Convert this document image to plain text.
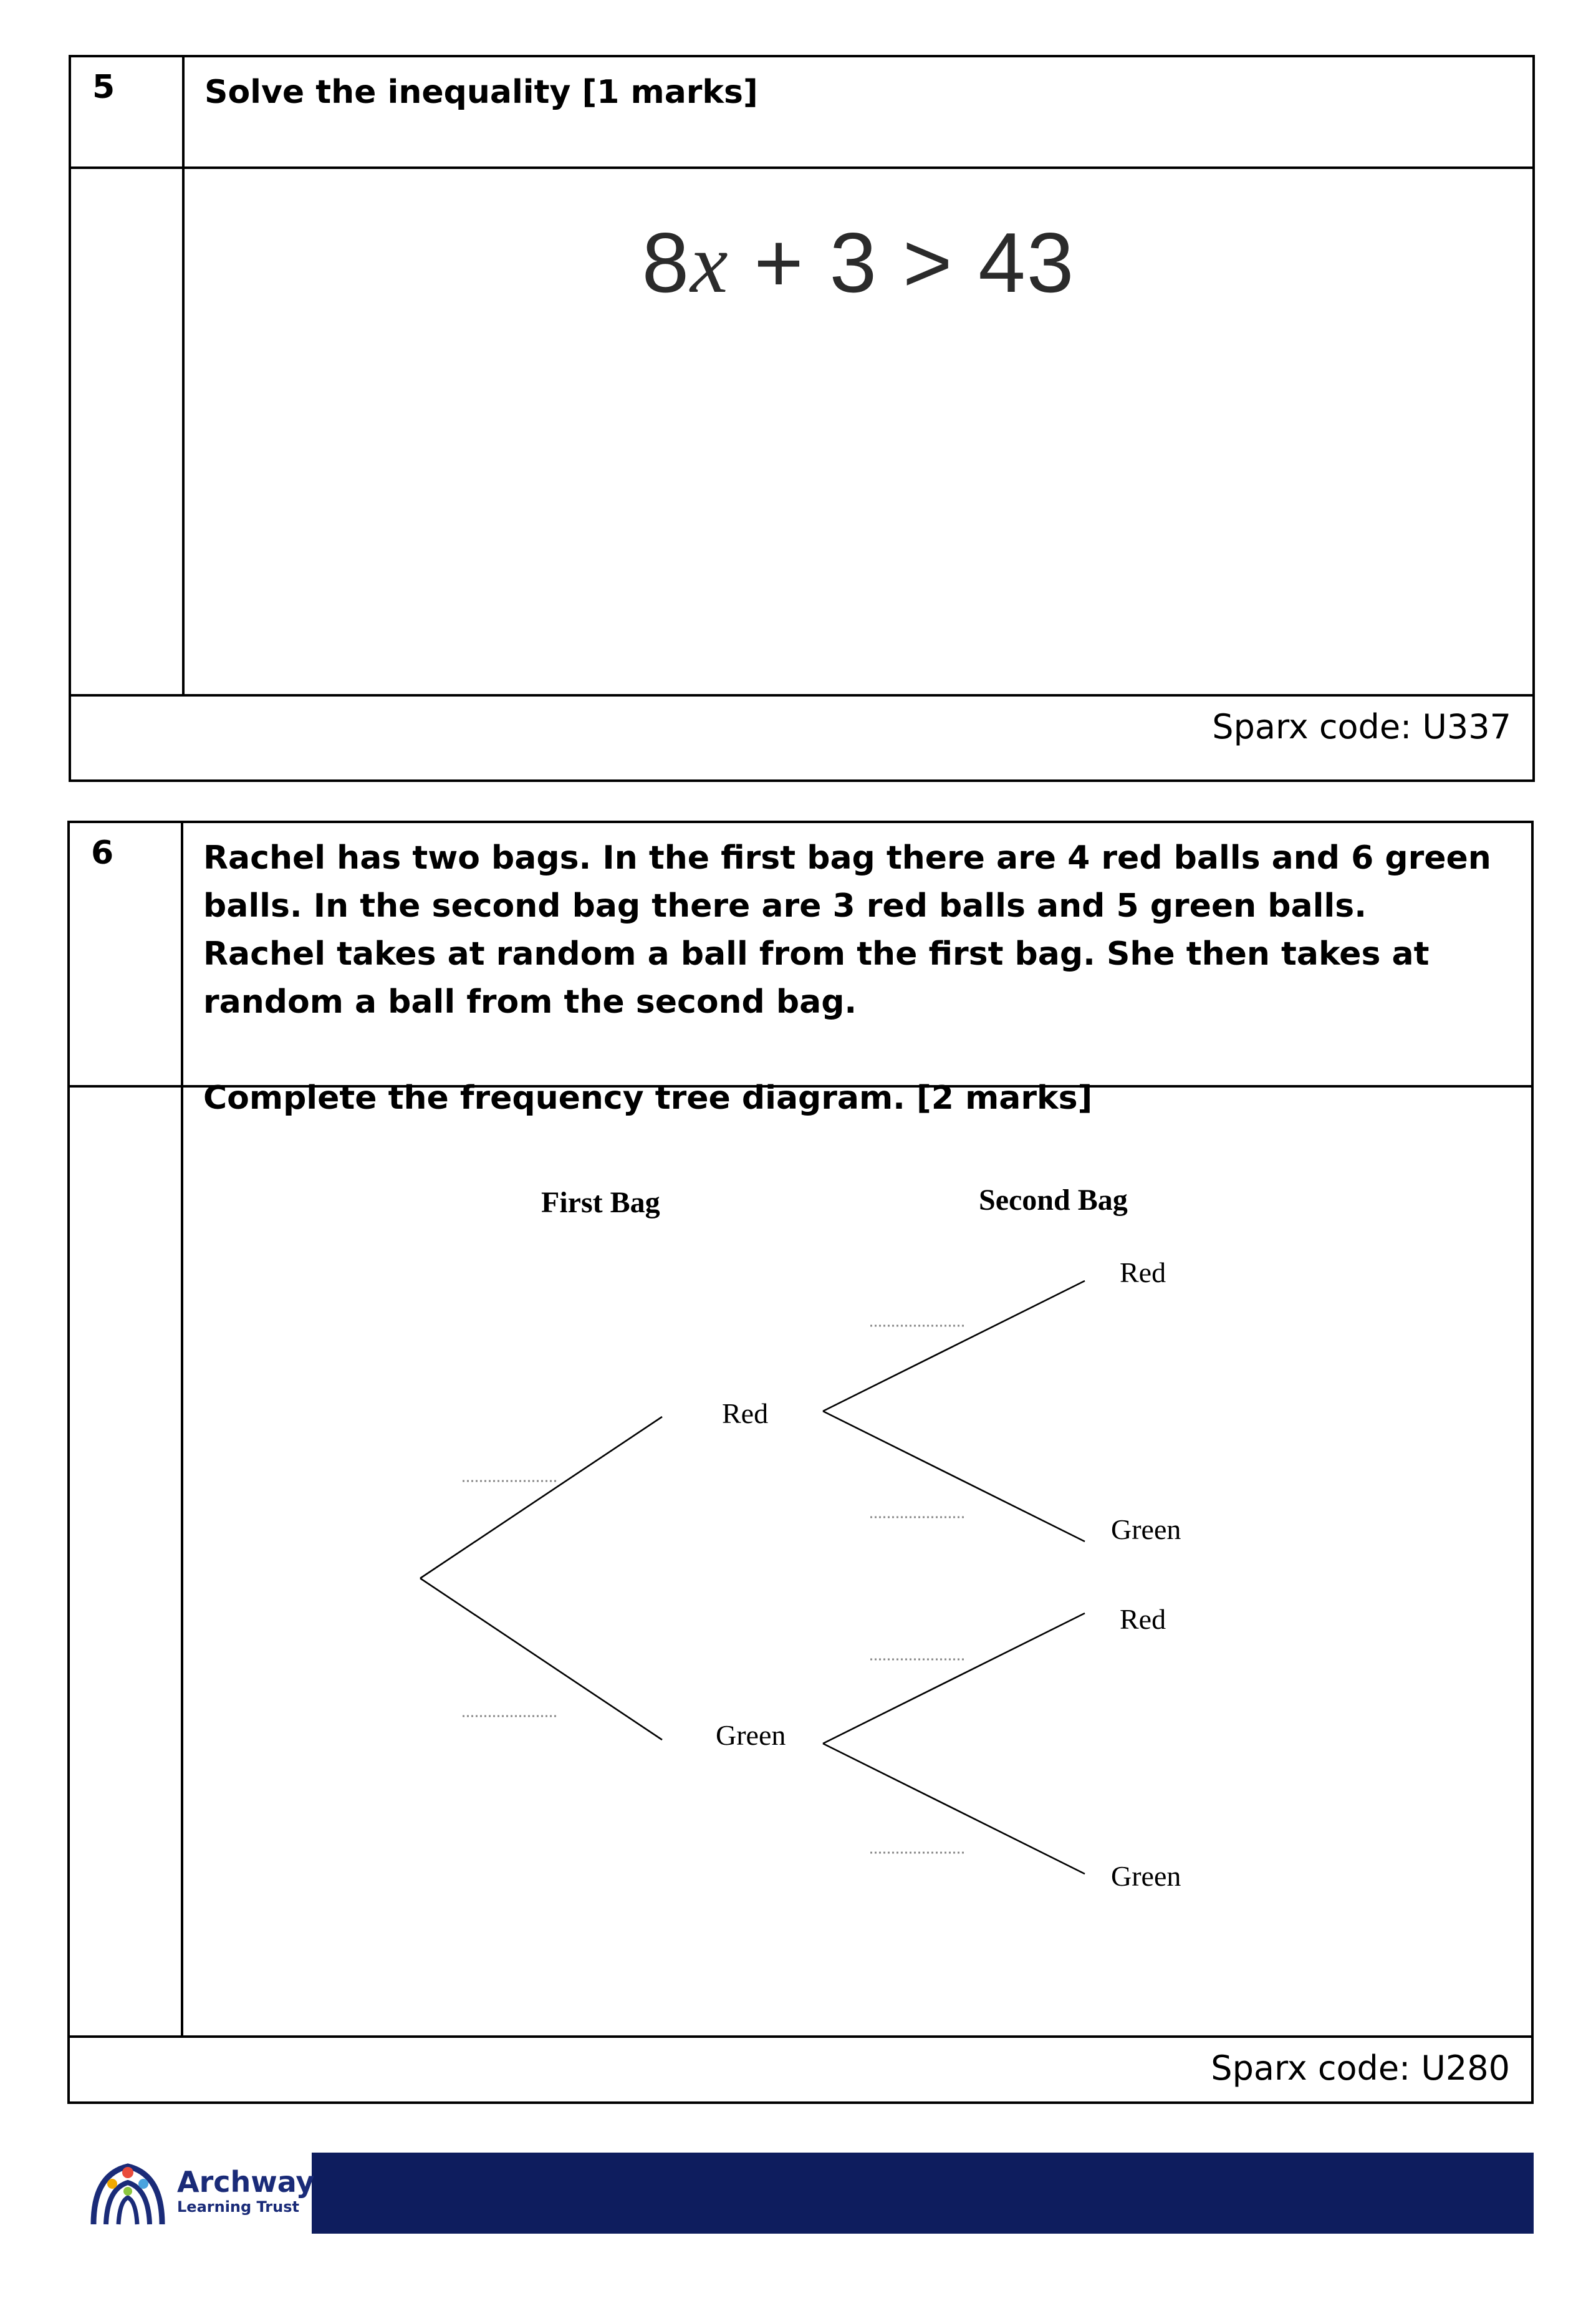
5	Solve the inequality [1 marks]
8x + 3 > 43
Sparx code: U337
6	Rachel has two bags. In the first bag there are 4 red balls and 6 green balls. In the second bag there are 3 red balls and 5 green balls. Rachel takes at random a ball from the first bag. She then takes at random a ball from the second bag.
Complete the frequency tree diagram. [2 marks]
First Bag	Second Bag
Red
Green
Red
Green
Red
Green
Sparx code: U280
Archway
Learning Trust
